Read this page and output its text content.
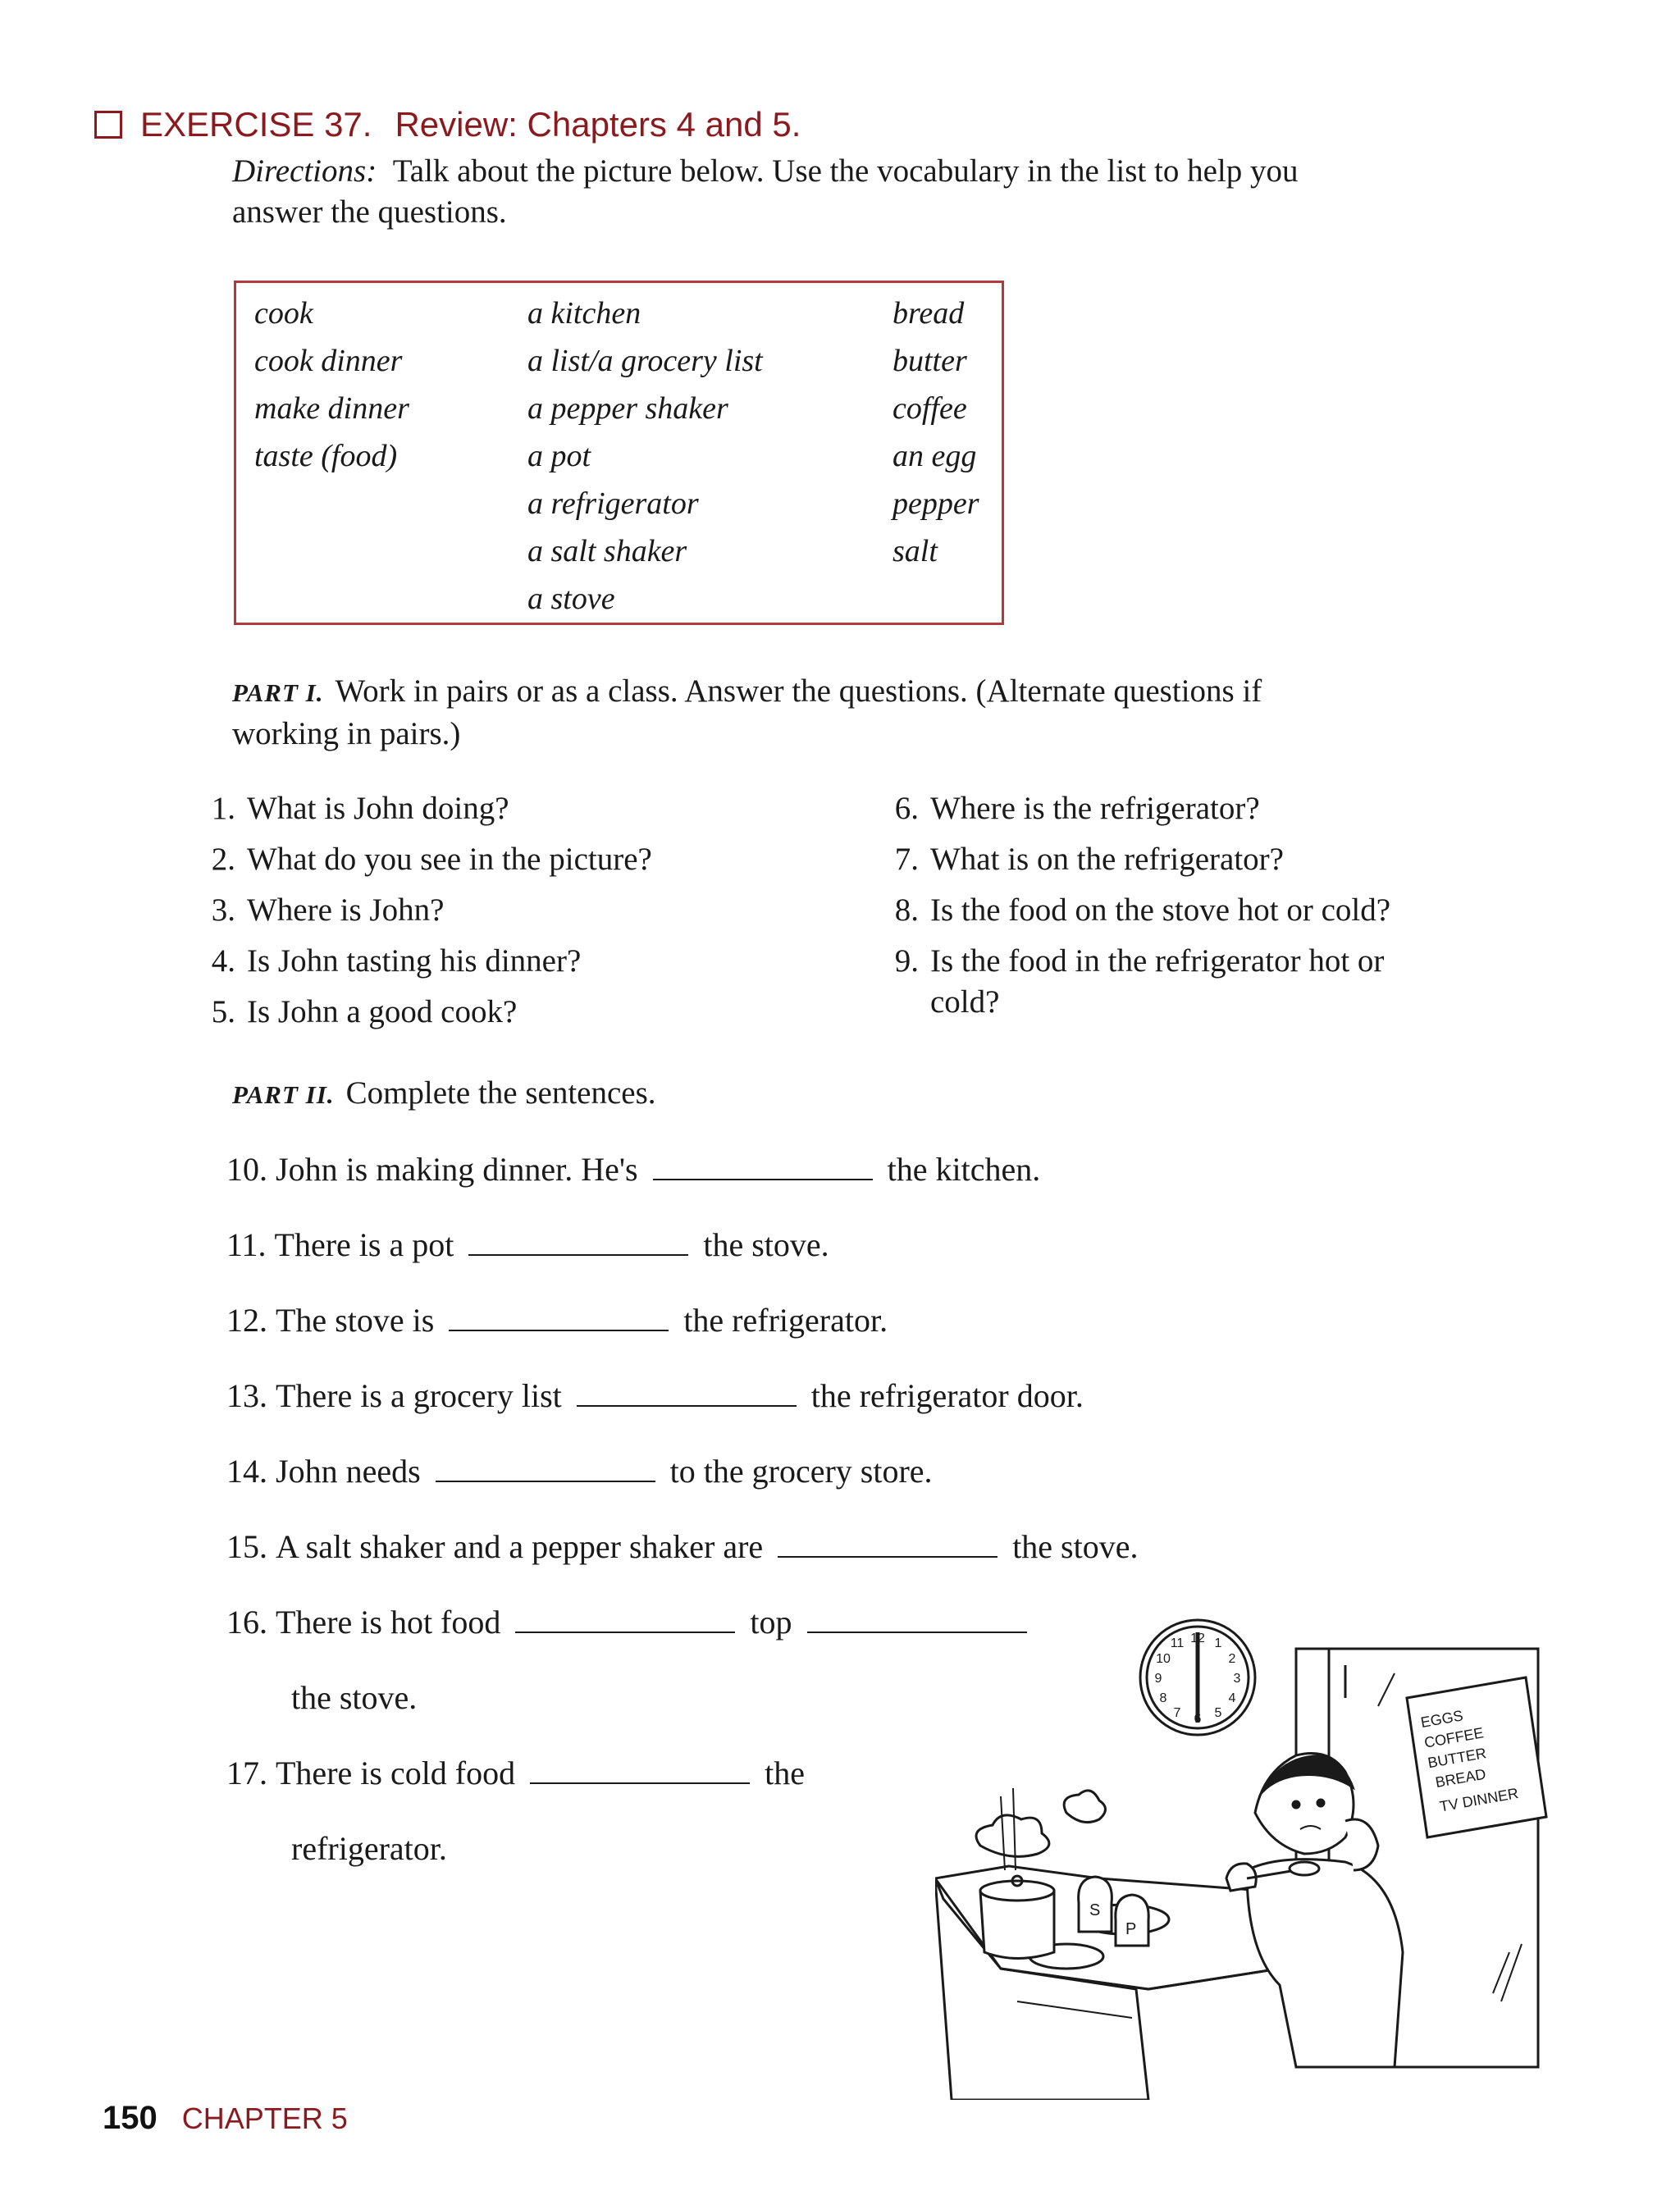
EXERCISE 37. Review: Chapters 4 and 5.
Directions: Talk about the picture below. Use the vocabulary in the list to help you
answer the questions.
cook
cook dinner
make dinner
taste (food)
a kitchen
a list/a grocery list
a pepper shaker
a pot
a refrigerator
a salt shaker
a stove
bread
butter
coffee
an egg
pepper
salt
PART I. Work in pairs or as a class. Answer the questions. (Alternate questions if
working in pairs.)
1. What is John doing?
2. What do you see in the picture?
3. Where is John?
4. Is John tasting his dinner?
5. Is John a good cook?
6. Where is the refrigerator?
7. What is on the refrigerator?
8. Is the food on the stove hot or cold?
9. Is the food in the refrigerator hot or
cold?
PART II. Complete the sentences.
10. John is making dinner. He's	the kitchen.
11. There is a pot	the stove.
12. The stove is	the refrigerator.
13. There is a grocery list	the refrigerator door.
14. John needs	to the grocery store.
15. A salt shaker and a pepper shaker are	the stove.
16. There is hot food	top
the stove.
17. There is cold food	the
refrigerator.
12 1
2
3
4
5
6
7
8
9
10
11
EGGS
COFFEE
BUTTER
BREAD
TV DINNER
S
P
150 CHAPTER 5
